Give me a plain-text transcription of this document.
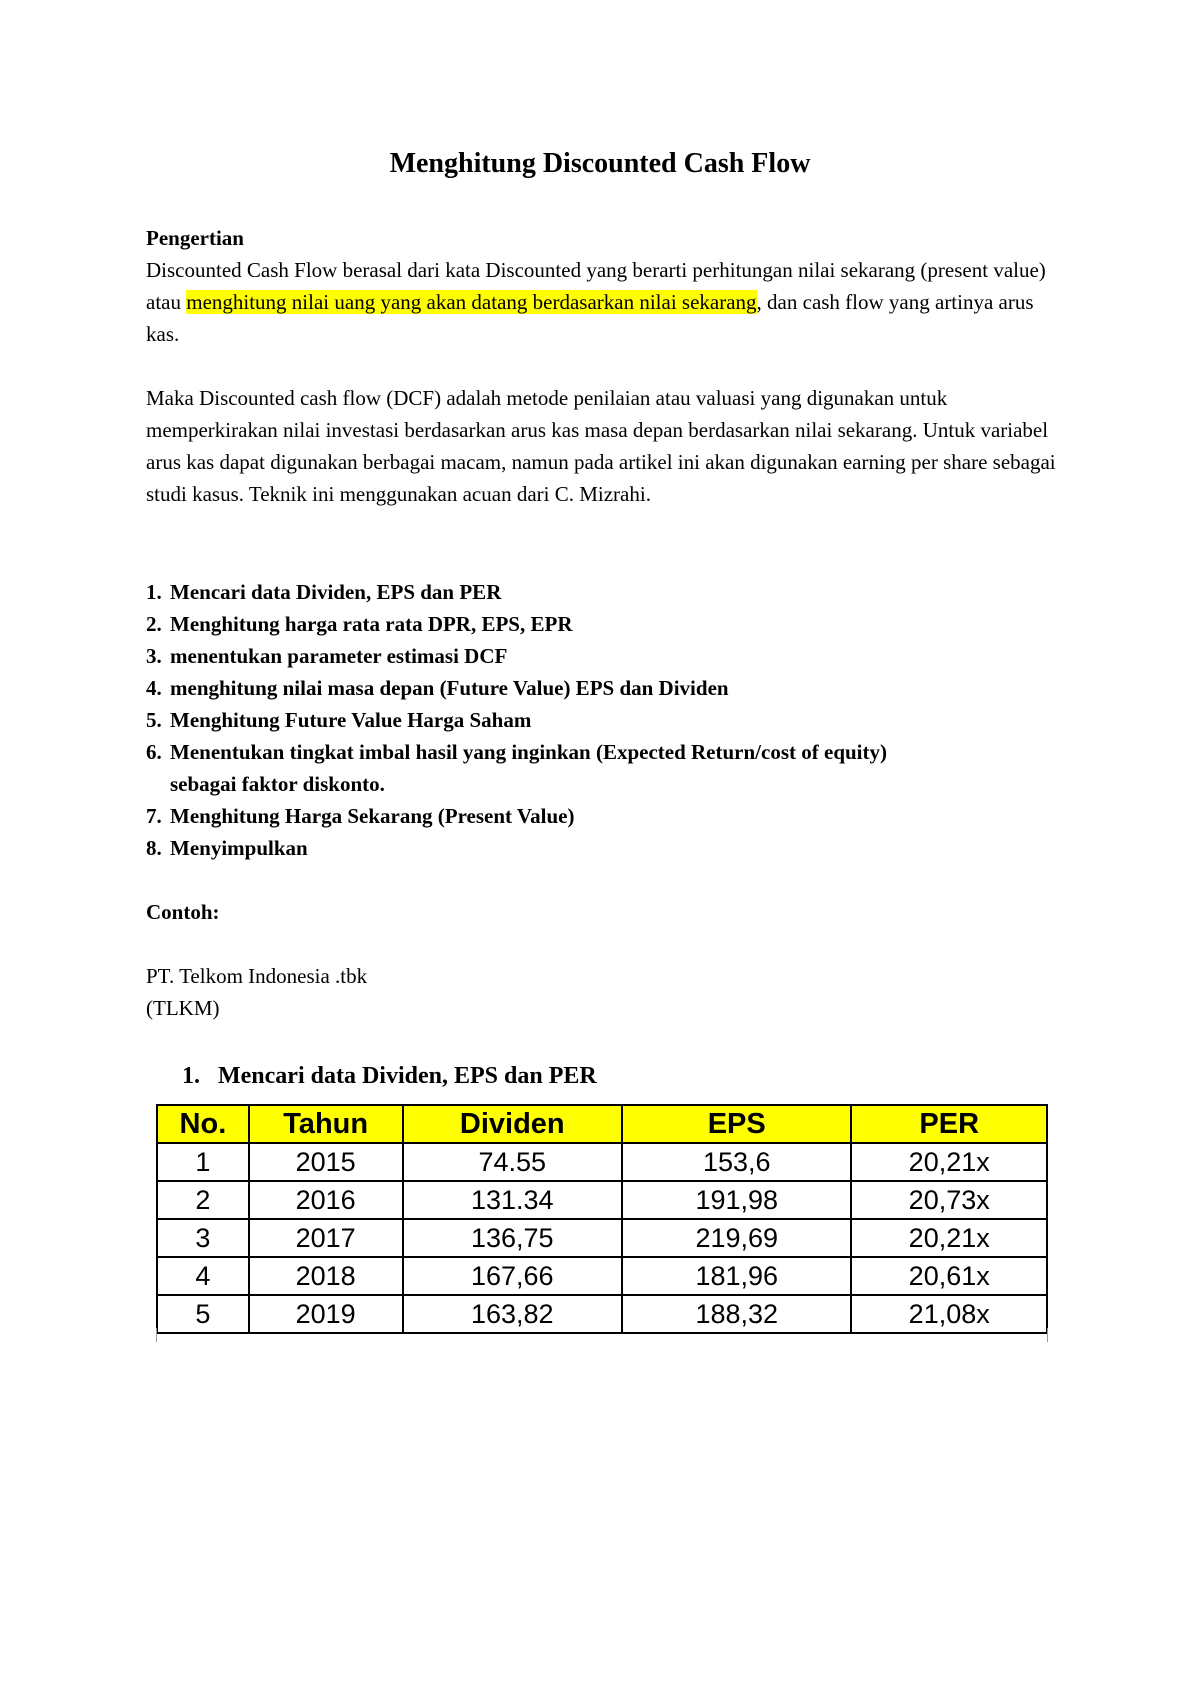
Menghitung Discounted Cash Flow

Pengertian

Discounted Cash Flow berasal dari kata Discounted yang berarti perhitungan nilai sekarang (present value) atau menghitung nilai uang yang akan datang berdasarkan nilai sekarang, dan cash flow yang artinya arus kas.

Maka Discounted cash flow (DCF) adalah metode penilaian atau valuasi yang digunakan untuk memperkirakan nilai investasi berdasarkan arus kas masa depan berdasarkan nilai sekarang. Untuk variabel arus kas dapat digunakan berbagai macam, namun pada artikel ini akan digunakan earning per share sebagai studi kasus. Teknik ini menggunakan acuan dari C. Mizrahi.

1. Mencari data Dividen, EPS dan PER
2. Menghitung harga rata rata DPR, EPS, EPR
3. menentukan parameter estimasi DCF
4. menghitung nilai masa depan (Future Value) EPS dan Dividen
5. Menghitung Future Value Harga Saham
6. Menentukan tingkat imbal hasil yang inginkan (Expected Return/cost of equity)
sebagai faktor diskonto.
7. Menghitung Harga Sekarang (Present Value)
8. Menyimpulkan

Contoh:

PT. Telkom Indonesia .tbk

(TLKM)

1. Mencari data Dividen, EPS dan PER
No.	Tahun	Dividen	EPS	PER
1	2015	74.55	153,6	20,21x
2	2016	131.34	191,98	20,73x
3	2017	136,75	219,69	20,21x
4	2018	167,66	181,96	20,61x
5	2019	163,82	188,32	21,08x
